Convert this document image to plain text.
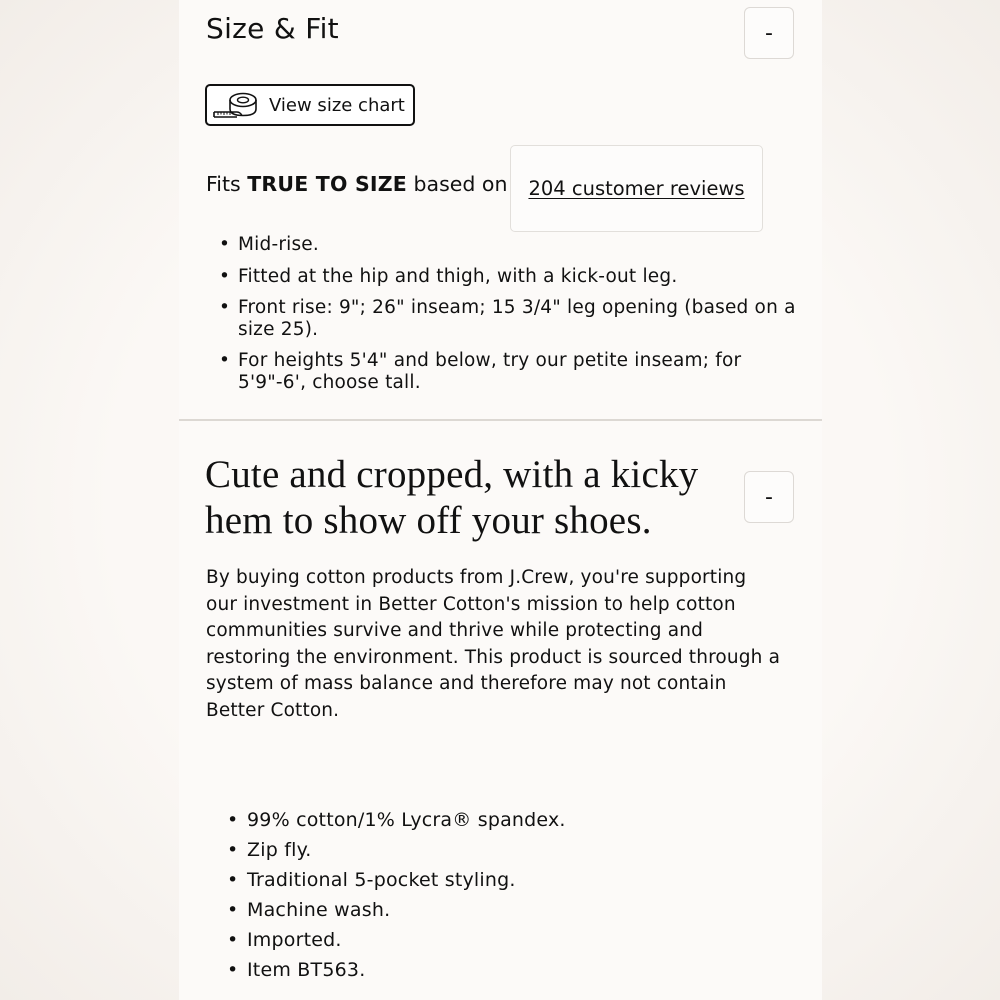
Size & Fit	-
View size chart
Fits TRUE TO SIZE based on 204 customer reviews
• Mid-rise.
• Fitted at the hip and thigh, with a kick-out leg.
• Front rise: 9"; 26" inseam; 15 3/4" leg opening (based on a size 25).
• For heights 5'4" and below, try our petite inseam; for 5'9"-6', choose tall.
Cute and cropped, with a kicky hem to show off your shoes.
-

By buying cotton products from J.Crew, you're supporting our investment in Better Cotton's mission to help cotton communities survive and thrive while protecting and restoring the environment. This product is sourced through a system of mass balance and therefore may not contain Better Cotton.

• 99% cotton/1% Lycra® spandex.
• Zip fly.
• Traditional 5-pocket styling.
• Machine wash.
• Imported.
• Item BT563.
